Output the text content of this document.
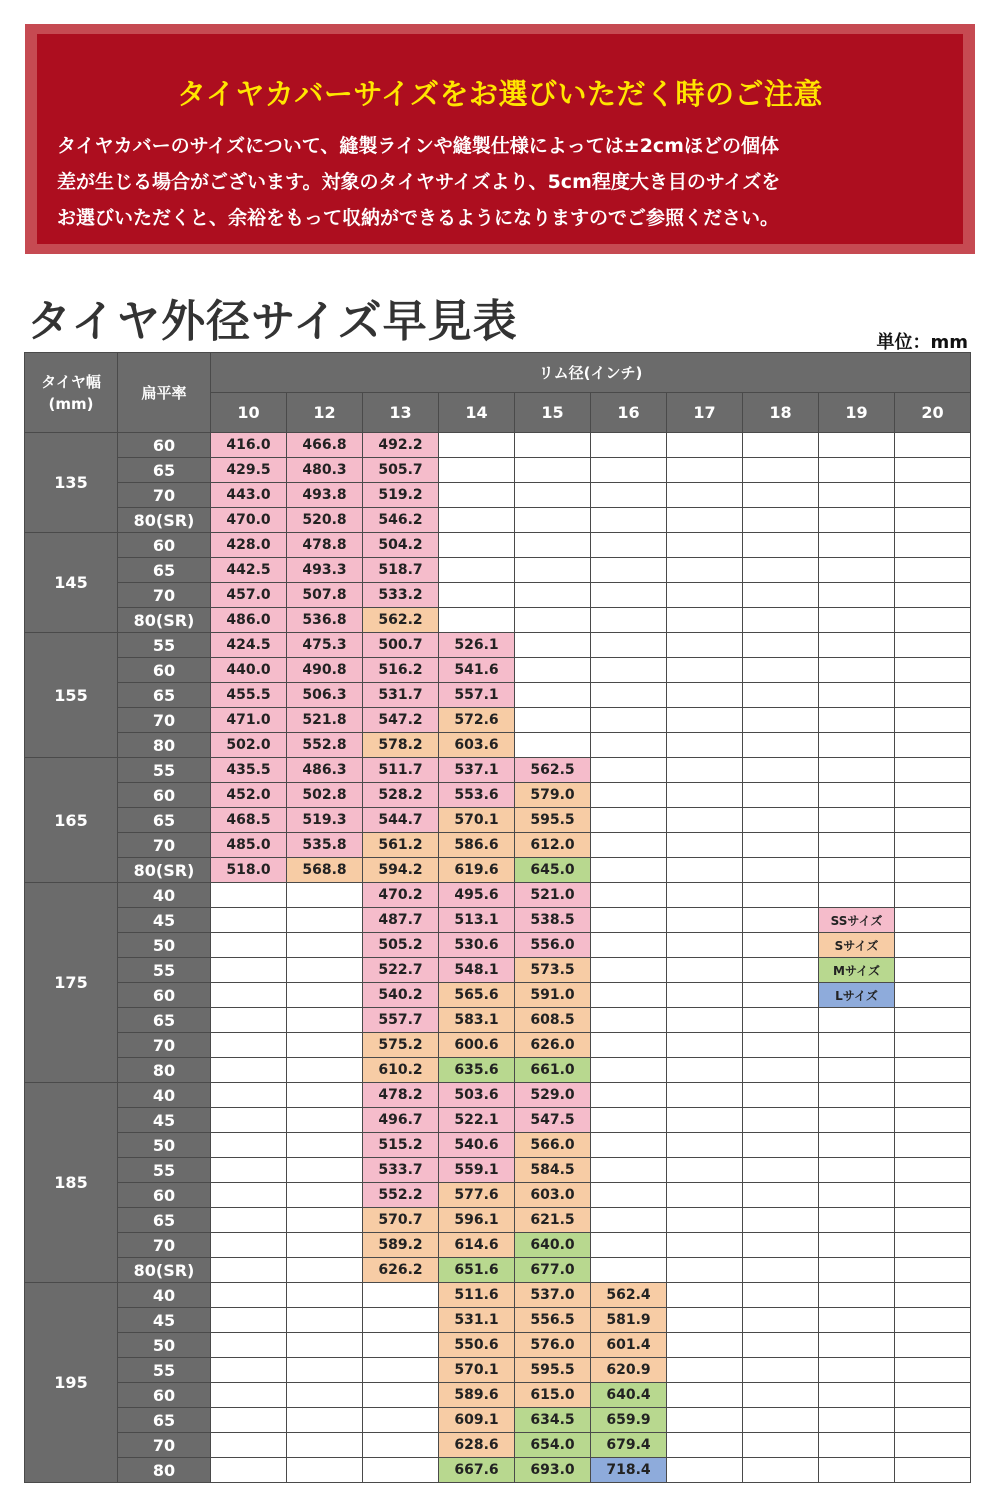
タイヤカバーサイズをお選びいただく時のご注意
タイヤカバーのサイズについて、縫製ラインや縫製仕様によっては±2cmほどの個体
差が生じる場合がございます。対象のタイヤサイズより、5cm程度大き目のサイズを
お選びいただくと、余裕をもって収納ができるようになりますのでご参照ください。
タイヤ外径サイズ早見表	単位：mm
タイヤ幅
(mm)	扁平率	リム径(インチ)									
		10	12	13	14	15	16	17	18	19	20
135	60	416.0	466.8	492.2							
	65	429.5	480.3	505.7							
	70	443.0	493.8	519.2							
	80(SR)	470.0	520.8	546.2							
145	60	428.0	478.8	504.2							
	65	442.5	493.3	518.7							
	70	457.0	507.8	533.2							
	80(SR)	486.0	536.8	562.2							
155	55	424.5	475.3	500.7	526.1						
	60	440.0	490.8	516.2	541.6						
	65	455.5	506.3	531.7	557.1						
	70	471.0	521.8	547.2	572.6						
	80	502.0	552.8	578.2	603.6						
165	55	435.5	486.3	511.7	537.1	562.5					
	60	452.0	502.8	528.2	553.6	579.0					
	65	468.5	519.3	544.7	570.1	595.5					
	70	485.0	535.8	561.2	586.6	612.0					
	80(SR)	518.0	568.8	594.2	619.6	645.0					
175	40			470.2	495.6	521.0					
	45			487.7	513.1	538.5				SSサイズ	
	50			505.2	530.6	556.0				Sサイズ	
	55			522.7	548.1	573.5				Mサイズ	
	60			540.2	565.6	591.0				Lサイズ	
	65			557.7	583.1	608.5					
	70			575.2	600.6	626.0					
	80			610.2	635.6	661.0					
185	40			478.2	503.6	529.0					
	45			496.7	522.1	547.5					
	50			515.2	540.6	566.0					
	55			533.7	559.1	584.5					
	60			552.2	577.6	603.0					
	65			570.7	596.1	621.5					
	70			589.2	614.6	640.0					
	80(SR)			626.2	651.6	677.0					
195	40				511.6	537.0	562.4				
	45				531.1	556.5	581.9				
	50				550.6	576.0	601.4				
	55				570.1	595.5	620.9				
	60				589.6	615.0	640.4				
	65				609.1	634.5	659.9				
	70				628.6	654.0	679.4				
	80				667.6	693.0	718.4				
